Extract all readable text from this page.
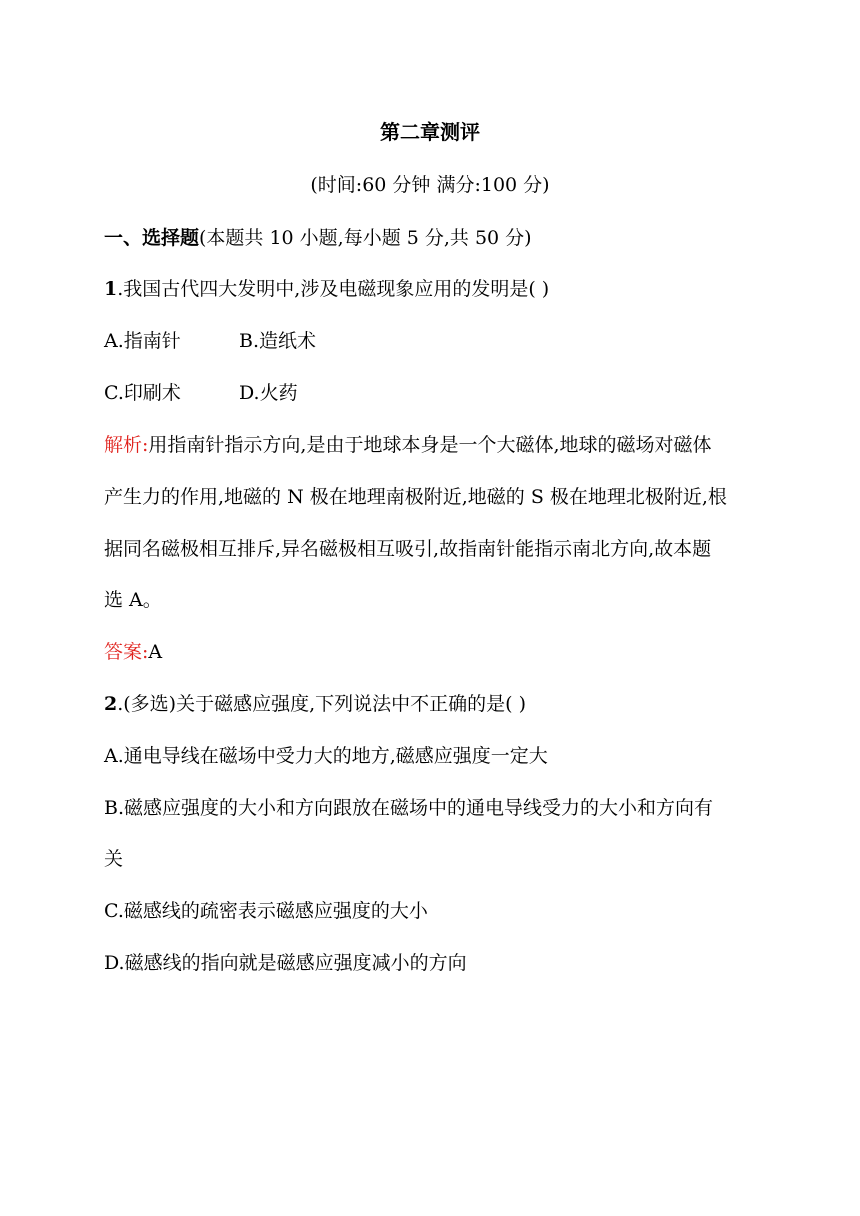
第二章测评
(时间:60 分钟 满分:100 分)
一、选择题(本题共 10 小题,每小题 5 分,共 50 分)
1.我国古代四大发明中,涉及电磁现象应用的发明是( )
A.指南针	B.造纸术
C.印刷术	D.火药
解析:用指南针指示方向,是由于地球本身是一个大磁体,地球的磁场对磁体
产生力的作用,地磁的 N 极在地理南极附近,地磁的 S 极在地理北极附近,根
据同名磁极相互排斥,异名磁极相互吸引,故指南针能指示南北方向,故本题
选 A。
答案:A
2.(多选)关于磁感应强度,下列说法中不正确的是( )
A.通电导线在磁场中受力大的地方,磁感应强度一定大
B.磁感应强度的大小和方向跟放在磁场中的通电导线受力的大小和方向有
关
C.磁感线的疏密表示磁感应强度的大小
D.磁感线的指向就是磁感应强度减小的方向
